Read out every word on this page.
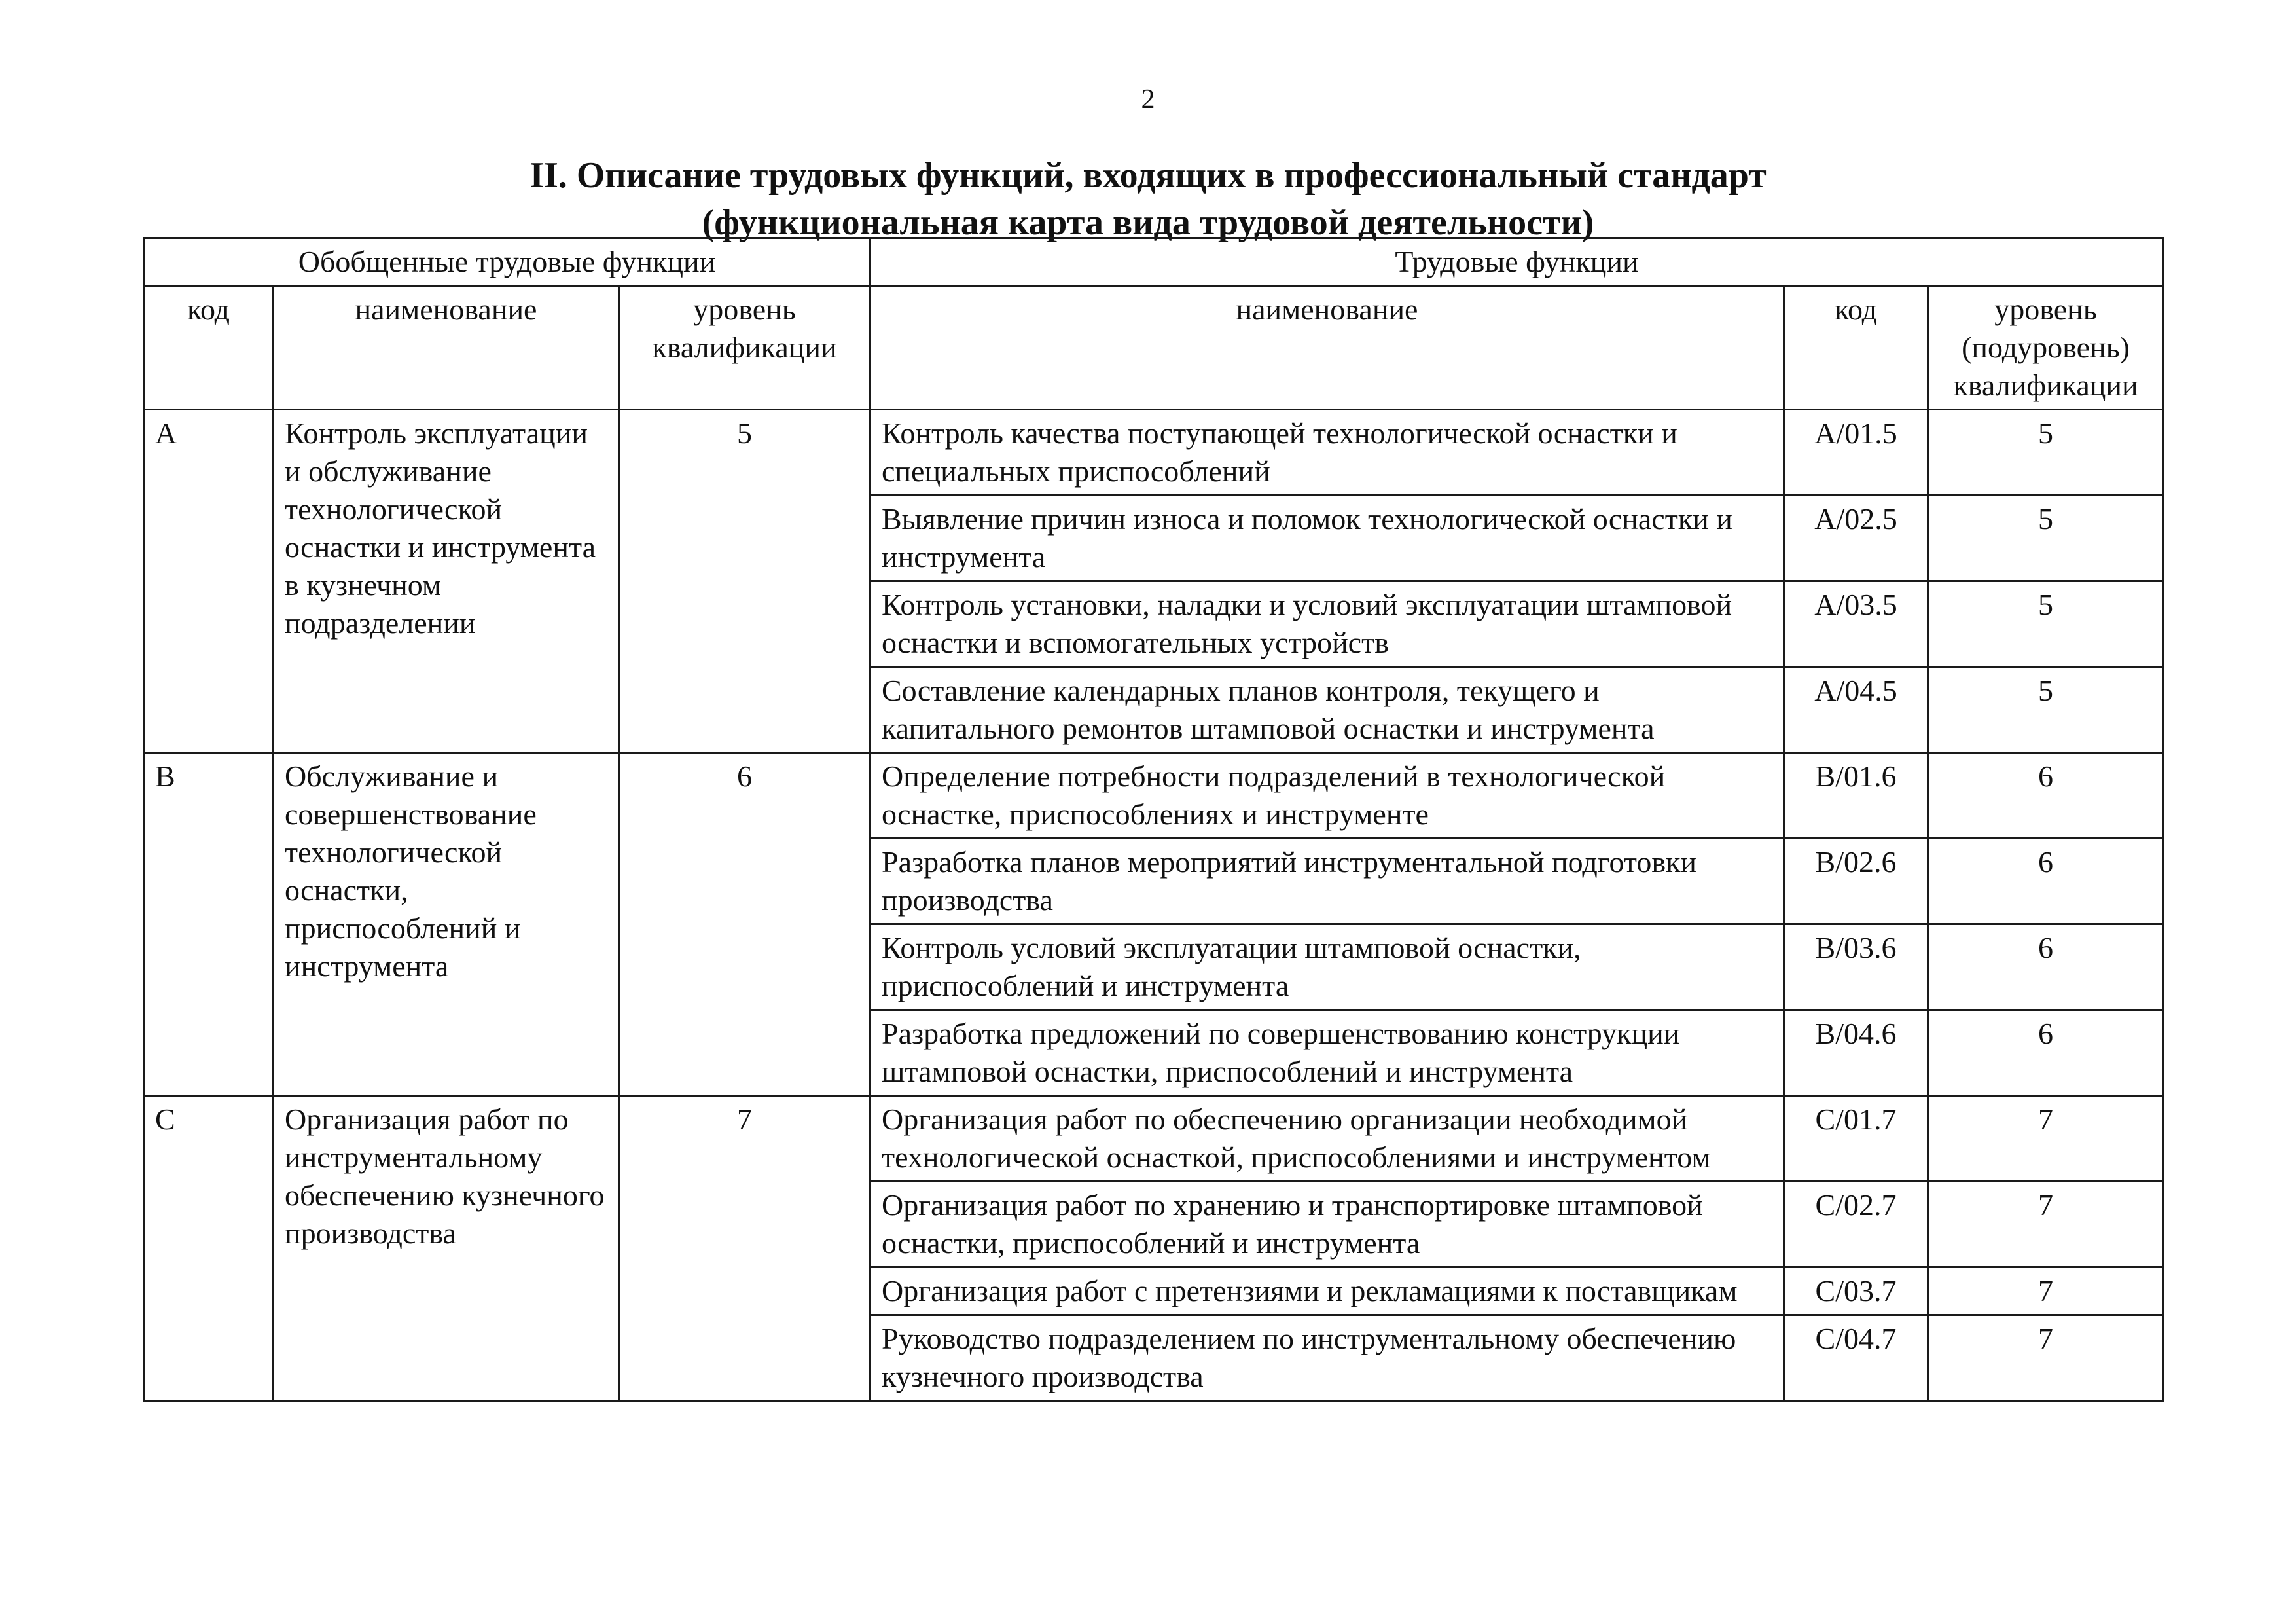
2
II. Описание трудовых функций, входящих в профессиональный стандарт
(функциональная карта вида трудовой деятельности)
Обобщенные трудовые функции			Трудовые функции		
код	наименование	уровень квалификации	наименование	код	уровень (подуровень) квалификации
A	Контроль эксплуатации и обслуживание технологической оснастки и инструмента в кузнечном подразделении	5	Контроль качества поступающей технологической оснастки и специальных приспособлений	A/01.5	5
			Выявление причин износа и поломок технологической оснастки и инструмента	A/02.5	5
			Контроль установки, наладки и условий эксплуатации штамповой оснастки и вспомогательных устройств	A/03.5	5
			Составление календарных планов контроля, текущего и капитального ремонтов штамповой оснастки и инструмента	A/04.5	5
B	Обслуживание и совершенствование технологической оснастки, приспособлений и инструмента	6	Определение потребности подразделений в технологической оснастке, приспособлениях и инструменте	B/01.6	6
			Разработка планов мероприятий инструментальной подготовки производства	B/02.6	6
			Контроль условий эксплуатации штамповой оснастки, приспособлений и инструмента	B/03.6	6
			Разработка предложений по совершенствованию конструкции штамповой оснастки, приспособлений и инструмента	B/04.6	6
C	Организация работ по инструментальному обеспечению кузнечного производства	7	Организация работ по обеспечению организации необходимой технологической оснасткой, приспособлениями и инструментом	C/01.7	7
			Организация работ по хранению и транспортировке штамповой оснастки, приспособлений и инструмента	C/02.7	7
			Организация работ с претензиями и рекламациями к поставщикам	C/03.7	7
			Руководство подразделением по инструментальному обеспечению кузнечного производства	C/04.7	7
